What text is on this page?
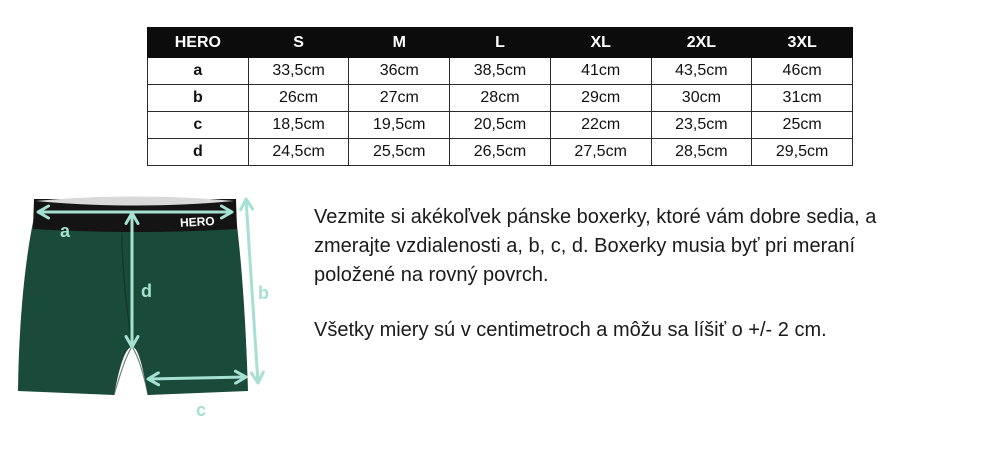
HERO	S	M	L	XL	2XL	3XL
a	33,5cm	36cm	38,5cm	41cm	43,5cm	46cm
b	26cm	27cm	28cm	29cm	30cm	31cm
c	18,5cm	19,5cm	20,5cm	22cm	23,5cm	25cm
d	24,5cm	25,5cm	26,5cm	27,5cm	28,5cm	29,5cm
HERO
a
d	b
c

Vezmite si akékoľvek pánske boxerky, ktoré vám dobre sedia, a zmerajte vzdialenosti a, b, c, d. Boxerky musia byť pri meraní položené na rovný povrch.

Všetky miery sú v centimetroch a môžu sa líšiť o +/- 2 cm.
